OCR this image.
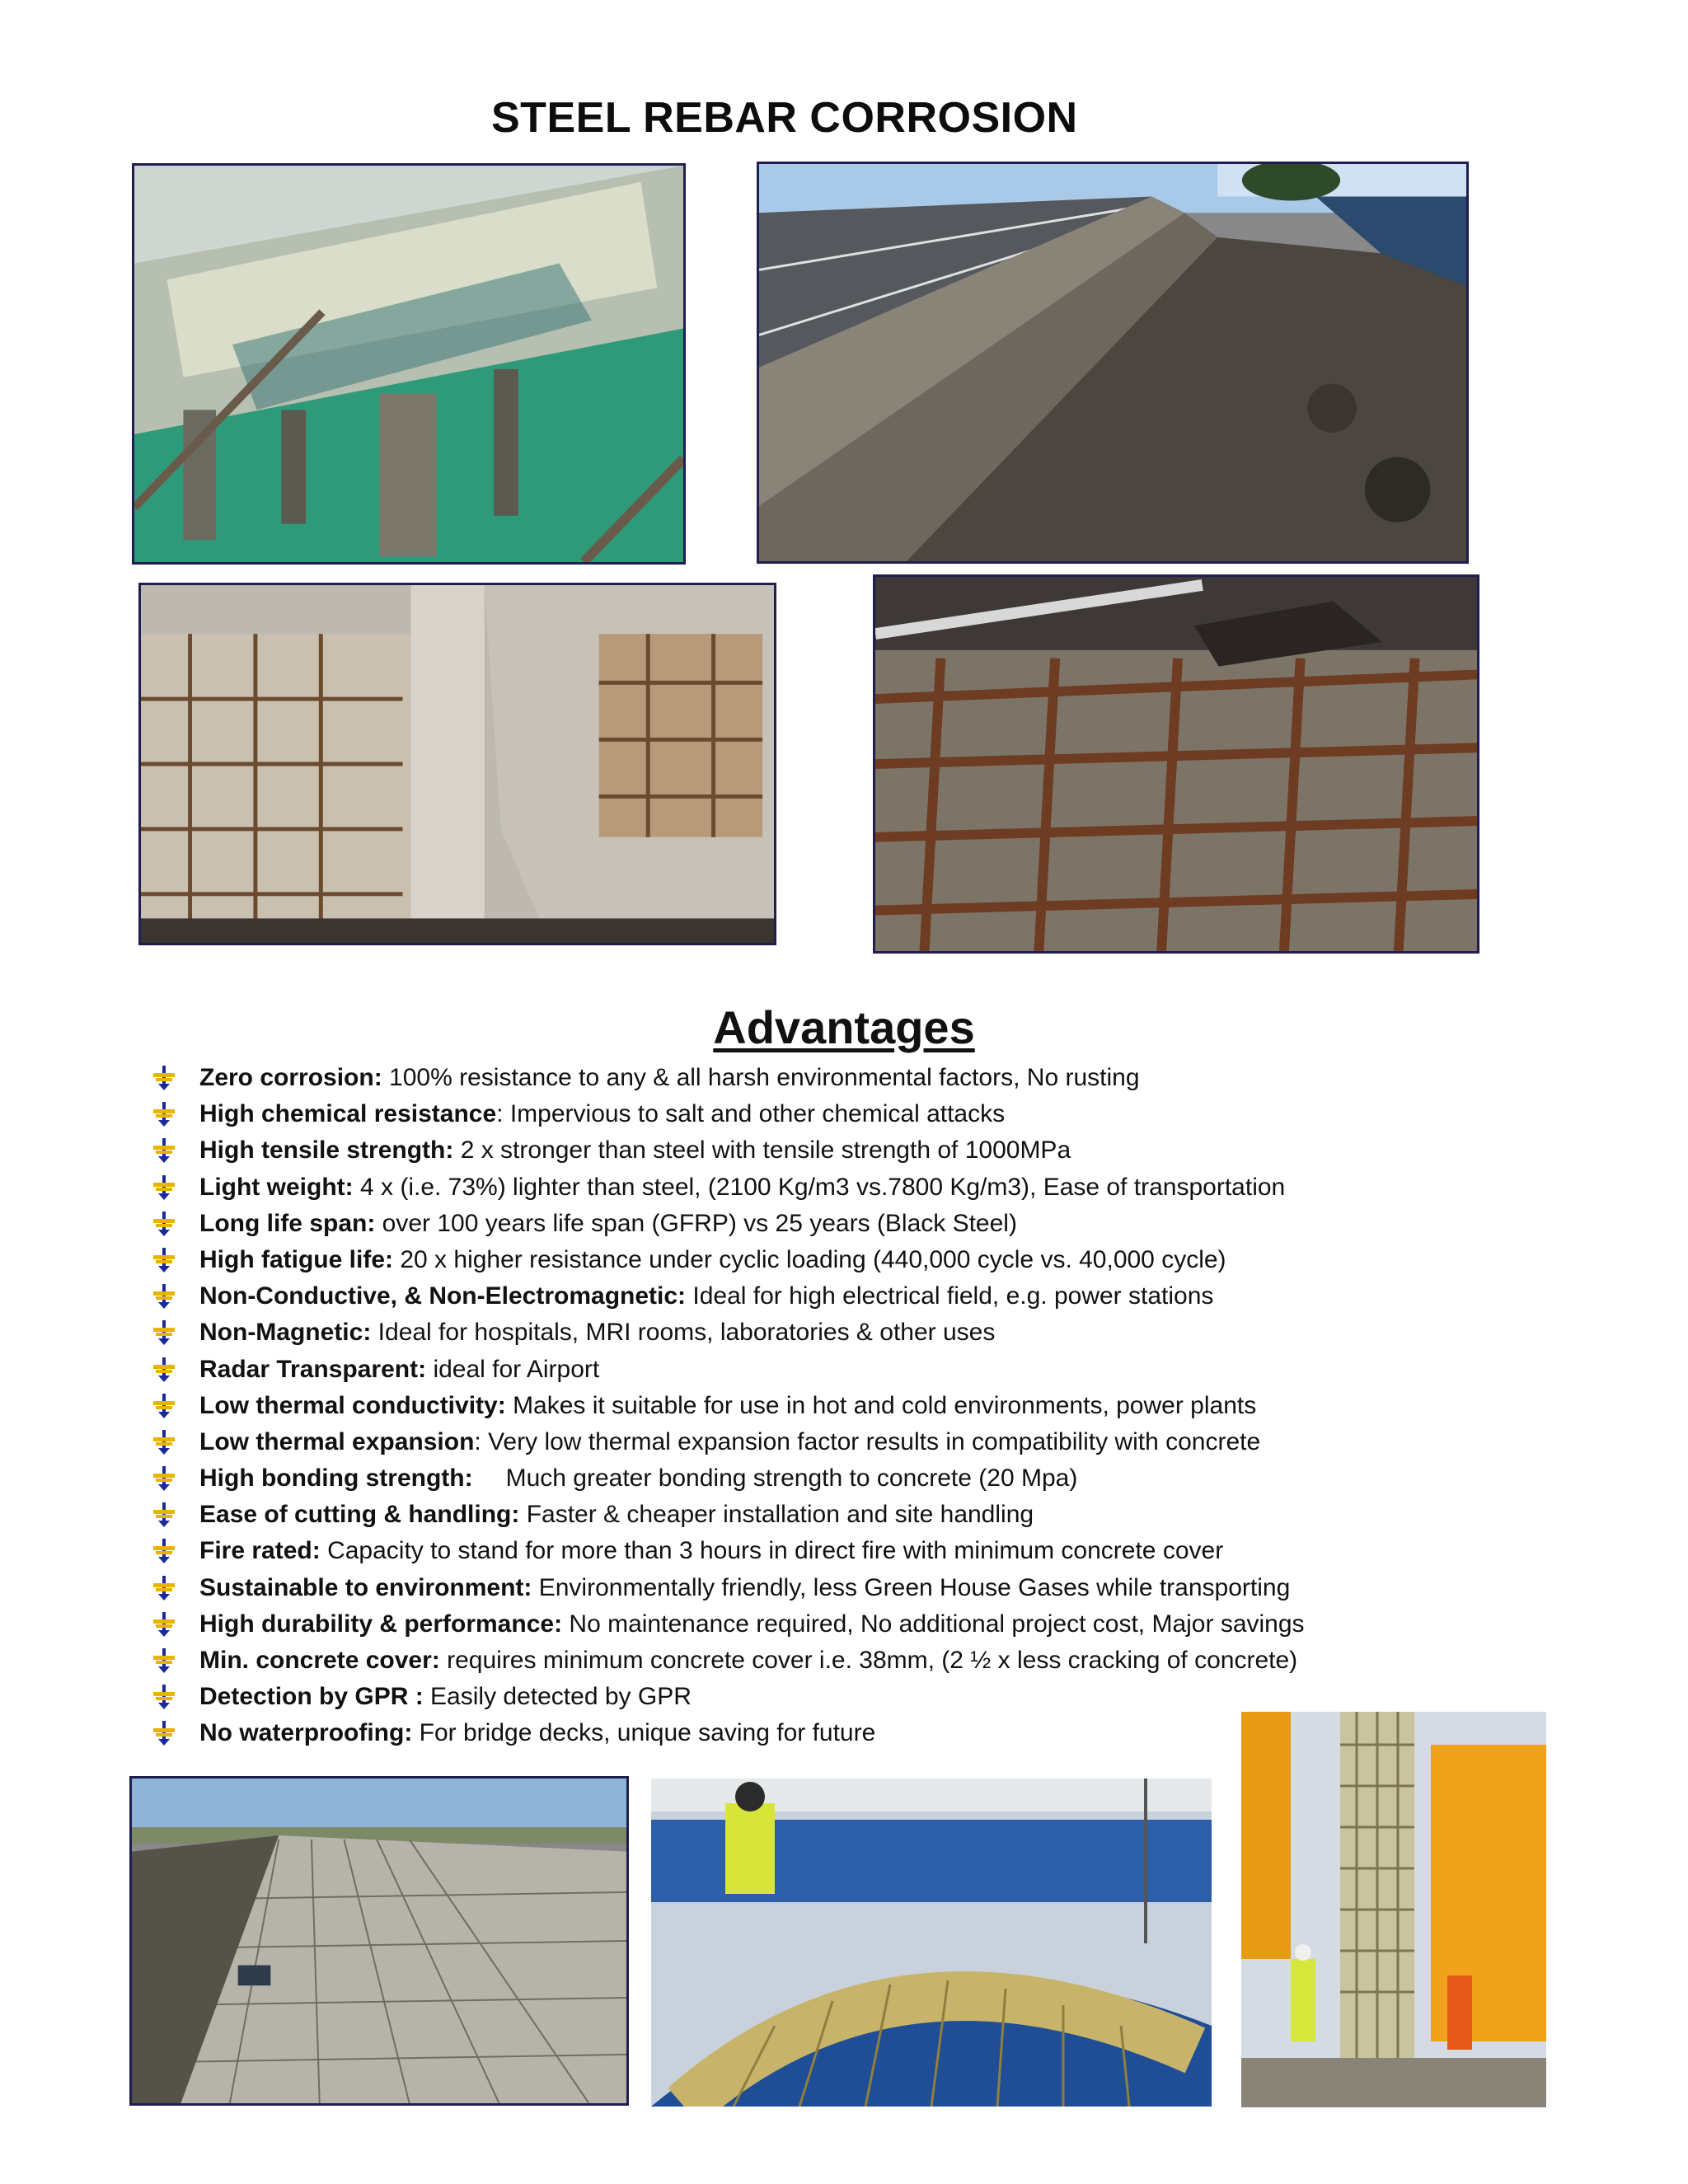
STEEL REBAR CORROSION
Advantages
Zero corrosion: 100% resistance to any & all harsh environmental factors, No rusting
High chemical resistance: Impervious to salt and other chemical attacks
High tensile strength: 2 x stronger than steel with tensile strength of 1000MPa
Light weight: 4 x (i.e. 73%) lighter than steel, (2100 Kg/m3 vs.7800 Kg/m3), Ease of transportation
Long life span: over 100 years life span (GFRP) vs 25 years (Black Steel)
High fatigue life: 20 x higher resistance under cyclic loading (440,000 cycle vs. 40,000 cycle)
Non-Conductive, & Non-Electromagnetic: Ideal for high electrical field, e.g. power stations
Non-Magnetic: Ideal for hospitals, MRI rooms, laboratories & other uses
Radar Transparent: ideal for Airport
Low thermal conductivity: Makes it suitable for use in hot and cold environments, power plants
Low thermal expansion: Very low thermal expansion factor results in compatibility with concrete
High bonding strength: Much greater bonding strength to concrete (20 Mpa)
Ease of cutting & handling: Faster & cheaper installation and site handling
Fire rated: Capacity to stand for more than 3 hours in direct fire with minimum concrete cover
Sustainable to environment: Environmentally friendly, less Green House Gases while transporting
High durability & performance: No maintenance required, No additional project cost, Major savings
Min. concrete cover: requires minimum concrete cover i.e. 38mm, (2 ½ x less cracking of concrete)
Detection by GPR : Easily detected by GPR
No waterproofing: For bridge decks, unique saving for future
